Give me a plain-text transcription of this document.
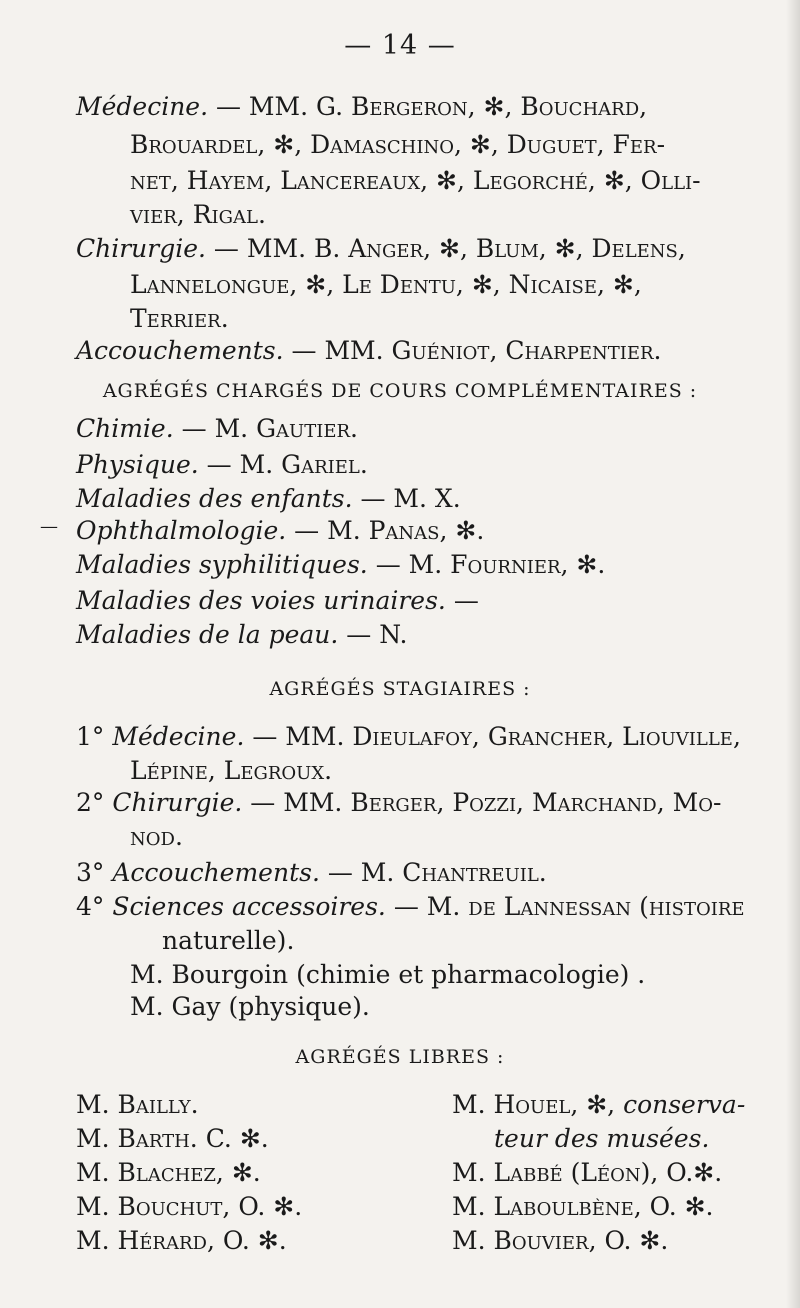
— 14 —
Médecine. — MM. G. Bergeron, ✻, Bouchard,
Brouardel, ✻, Damaschino, ✻, Duguet, Fer-
net, Hayem, Lancereaux, ✻, Legorché, ✻, Olli-
vier, Rigal.
Chirurgie. — MM. B. Anger, ✻, Blum, ✻, Delens,
Lannelongue, ✻, Le Dentu, ✻, Nicaise, ✻,
Terrier.
Accouchements. — MM. Guéniot, Charpentier.
AGRÉGÉS CHARGÉS DE COURS COMPLÉMENTAIRES :
Chimie. — M. Gautier.
Physique. — M. Gariel.
Maladies des enfants. — M. X.
— Ophthalmologie. — M. Panas, ✻.
Maladies syphilitiques. — M. Fournier, ✻.
Maladies des voies urinaires. —
Maladies de la peau. — N.
AGRÉGÉS STAGIAIRES :
1° Médecine. — MM. Dieulafoy, Grancher, Liouville,
Lépine, Legroux.
2° Chirurgie. — MM. Berger, Pozzi, Marchand, Mo-
nod.
3° Accouchements. — M. Chantreuil.
4° Sciences accessoires. — M. de Lannessan (histoire
naturelle).
M. Bourgoin (chimie et pharmacologie) .
M. Gay (physique).
AGRÉGÉS LIBRES :
M. Bailly.
M. Barth. C. ✻.
M. Blachez, ✻.
M. Bouchut, O. ✻.
M. Hérard, O. ✻.
M. Houel, ✻, conserva-
teur des musées.
M. Labbé (Léon), O.✻.
M. Laboulbène, O. ✻.
M. Bouvier, O. ✻.
